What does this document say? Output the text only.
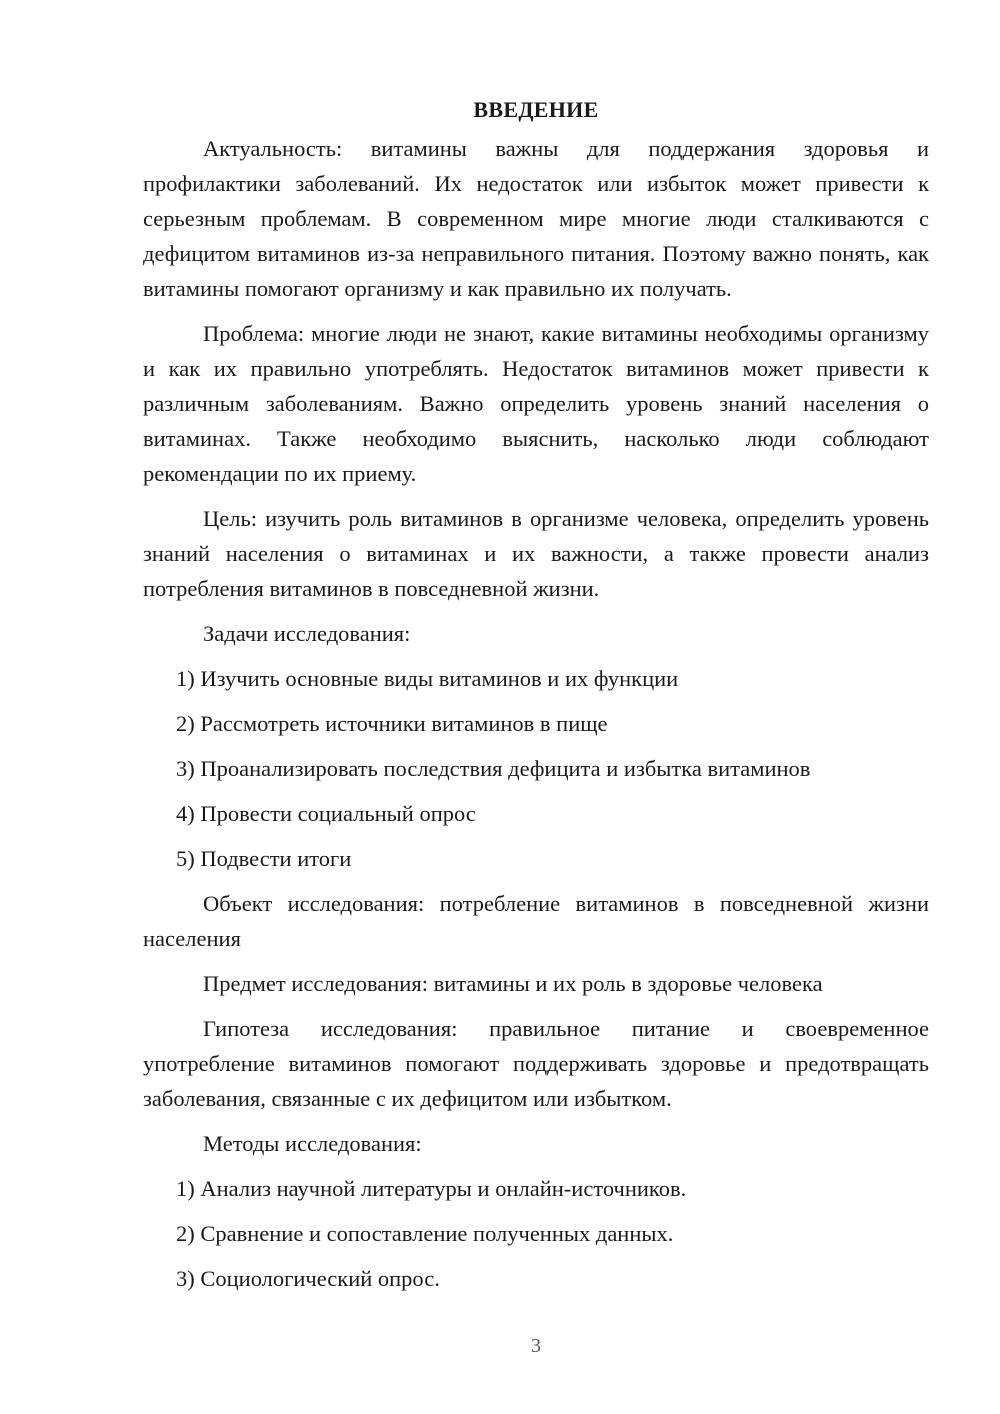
ВВЕДЕНИЕ

Актуальность: витамины важны для поддержания здоровья и профилактики заболеваний. Их недостаток или избыток может привести к серьезным проблемам. В современном мире многие люди сталкиваются с дефицитом витаминов из-за неправильного питания. Поэтому важно понять, как витамины помогают организму и как правильно их получать.

Проблема: многие люди не знают, какие витамины необходимы организму и как их правильно употреблять. Недостаток витаминов может привести к различным заболеваниям. Важно определить уровень знаний населения о витаминах. Также необходимо выяснить, насколько люди соблюдают рекомендации по их приему.

Цель: изучить роль витаминов в организме человека, определить уровень знаний населения о витаминах и их важности, а также провести анализ потребления витаминов в повседневной жизни.

Задачи исследования:

1) Изучить основные виды витаминов и их функции
2) Рассмотреть источники витаминов в пище
3) Проанализировать последствия дефицита и избытка витаминов
4) Провести социальный опрос
5) Подвести итоги

Объект исследования: потребление витаминов в повседневной жизни населения

Предмет исследования: витамины и их роль в здоровье человека

Гипотеза исследования: правильное питание и своевременное употребление витаминов помогают поддерживать здоровье и предотвращать заболевания, связанные с их дефицитом или избытком.

Методы исследования:

1) Анализ научной литературы и онлайн-источников.
2) Сравнение и сопоставление полученных данных.
3) Социологический опрос.
3
